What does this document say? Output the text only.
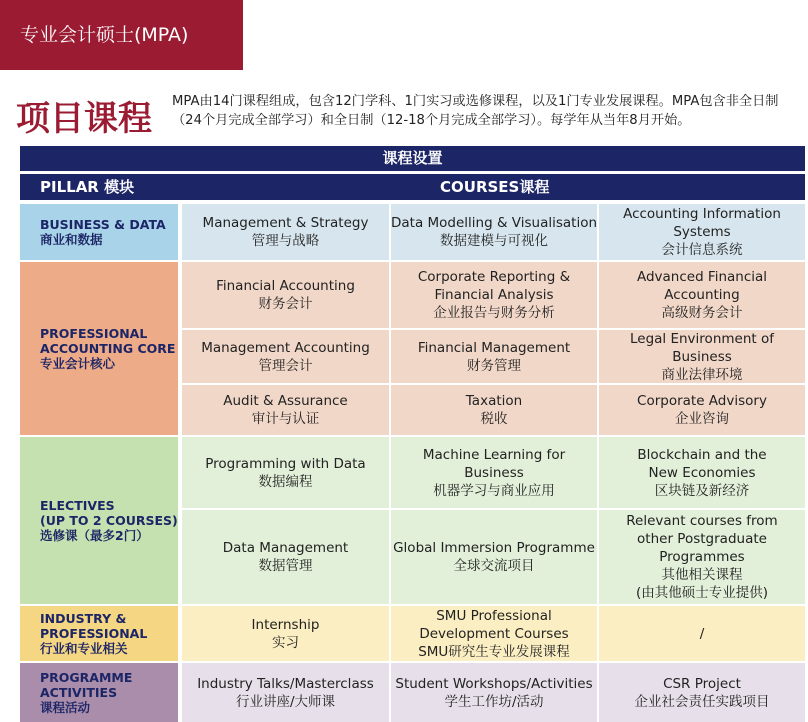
专业会计硕士(MPA)
项目课程	MPA由14门课程组成，包含12门学科、1门实习或选修课程，以及1门专业发展课程。MPA包含非全日制（24个月完成全部学习）和全日制（12-18个月完成全部学习）。每学年从当年8月开始。
课程设置
PILLAR 模块	COURSES课程
BUSINESS & DATA
商业和数据
PROFESSIONAL
ACCOUNTING CORE
专业会计核心
ELECTIVES
(UP TO 2 COURSES)
选修课（最多2门）
INDUSTRY &
PROFESSIONAL
行业和专业相关
PROGRAMME
ACTIVITIES
课程活动
Management & Strategy
管理与战略
Data Modelling & Visualisation
数据建模与可视化
Accounting Information Systems
会计信息系统
Financial Accounting
财务会计
Corporate Reporting &
Financial Analysis
企业报告与财务分析
Advanced Financial Accounting
高级财务会计
Management Accounting
管理会计
Financial Management
财务管理
Legal Environment of Business
商业法律环境
Audit & Assurance
审计与认证
Taxation
税收
Corporate Advisory
企业咨询
Programming with Data
数据编程
Machine Learning for Business
机器学习与商业应用
Blockchain and the
New Economies
区块链及新经济
Data Management
数据管理
Global Immersion Programme
全球交流项目
Relevant courses from
other Postgraduate Programmes
其他相关课程
(由其他硕士专业提供)
Internship
实习
SMU Professional
Development Courses
SMU研究生专业发展课程
/
Industry Talks/Masterclass
行业讲座/大师课
Student Workshops/Activities
学生工作坊/活动
CSR Project
企业社会责任实践项目
